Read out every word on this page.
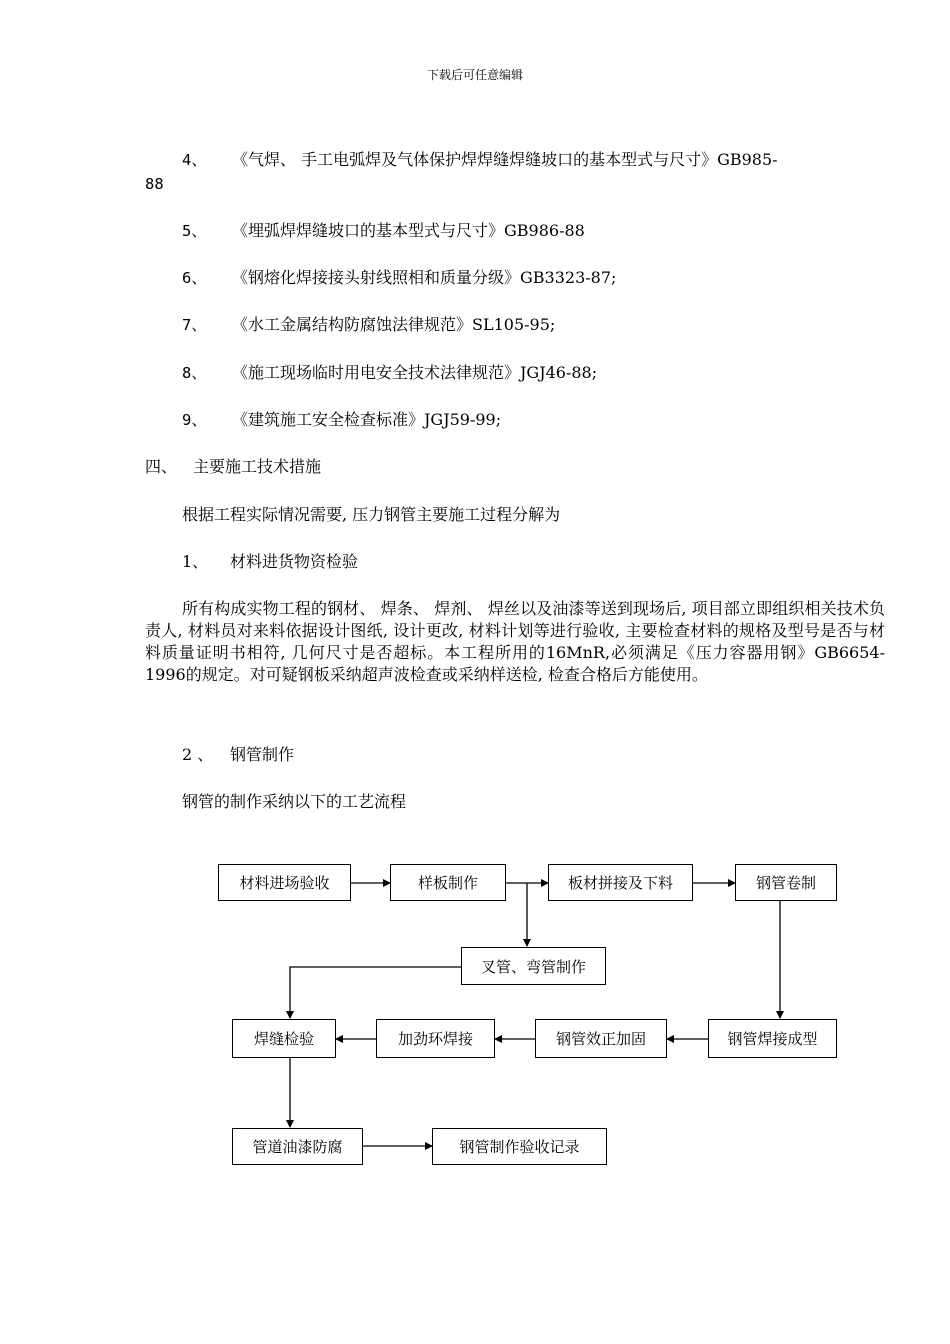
下载后可任意编辑
4、 《气焊、 手工电弧焊及气体保护焊焊缝焊缝坡口的基本型式与尺寸》GB985-
88
5、 《埋弧焊焊缝坡口的基本型式与尺寸》GB986-88
6、 《钢熔化焊接接头射线照相和质量分级》GB3323-87;
7、 《水工金属结构防腐蚀法律规范》SL105-95;
8、 《施工现场临时用电安全技术法律规范》JGJ46-88;
9、 《建筑施工安全检查标准》JGJ59-99;
四、 主要施工技术措施
根据工程实际情况需要, 压力钢管主要施工过程分解为
1、 材料进货物资检验
所有构成实物工程的钢材、 焊条、 焊剂、 焊丝以及油漆等送到现场后, 项目部立即组织相关技术负责人, 材料员对来料依据设计图纸, 设计更改, 材料计划等进行验收, 主要检查材料的规格及型号是否与材料质量证明书相符, 几何尺寸是否超标。本工程所用的16MnR,必须满足《压力容器用钢》GB6654-1996的规定。对可疑钢板采纳超声波检查或采纳样送检, 检查合格后方能使用。
2 、 钢管制作
钢管的制作采纳以下的工艺流程
材料进场验收	样板制作	板材拼接及下料	钢管卷制
叉管、弯管制作
钢管焊接成型
钢管效正加固
加劲环焊接
焊缝检验
管道油漆防腐	钢管制作验收记录
